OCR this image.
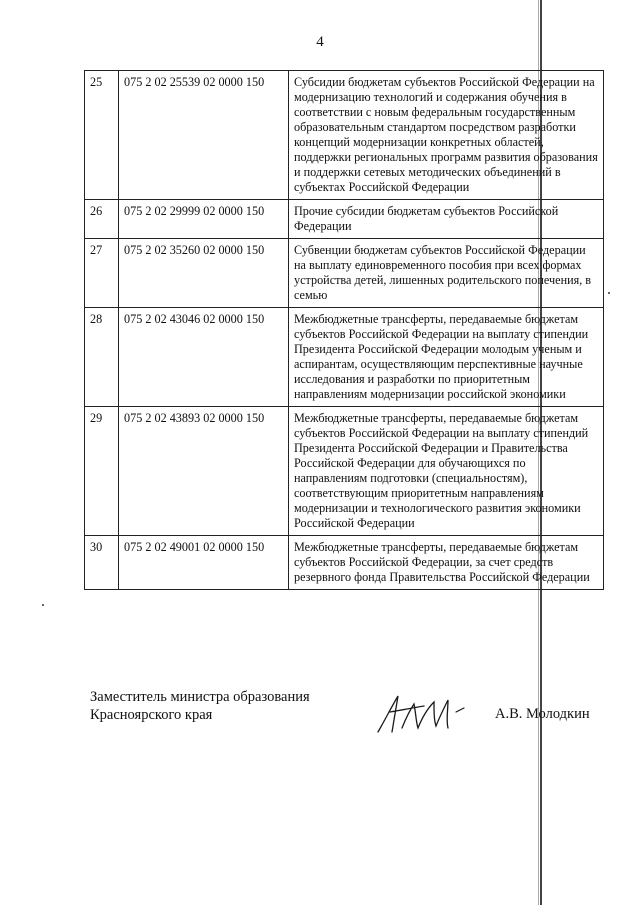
4
25	075 2 02 25539 02 0000 150	Субсидии бюджетам субъектов Российской Федерации на модернизацию технологий и содержания обучения в соответствии с новым федеральным государственным образовательным стандартом посредством разработки концепций модернизации конкретных областей, поддержки региональных программ развития образования и поддержки сетевых методических объединений в субъектах Российской Федерации
26	075 2 02 29999 02 0000 150	Прочие субсидии бюджетам субъектов Российской Федерации
27	075 2 02 35260 02 0000 150	Субвенции бюджетам субъектов Российской Федерации на выплату единовременного пособия при всех формах устройства детей, лишенных родительского попечения, в семью
28	075 2 02 43046 02 0000 150	Межбюджетные трансферты, передаваемые бюджетам субъектов Российской Федерации на выплату стипендии Президента Российской Федерации молодым ученым и аспирантам, осуществляющим перспективные научные исследования и разработки по приоритетным направлениям модернизации российской экономики
29	075 2 02 43893 02 0000 150	Межбюджетные трансферты, передаваемые бюджетам субъектов Российской Федерации на выплату стипендий Президента Российской Федерации и Правительства Российской Федерации для обучающихся по направлениям подготовки (специальностям), соответствующим приоритетным направлениям модернизации и технологического развития экономики Российской Федерации
30	075 2 02 49001 02 0000 150	Межбюджетные трансферты, передаваемые бюджетам субъектов Российской Федерации, за счет средств резервного фонда Правительства Российской Федерации
Заместитель министра образования
Красноярского края	А.В. Молодкин
